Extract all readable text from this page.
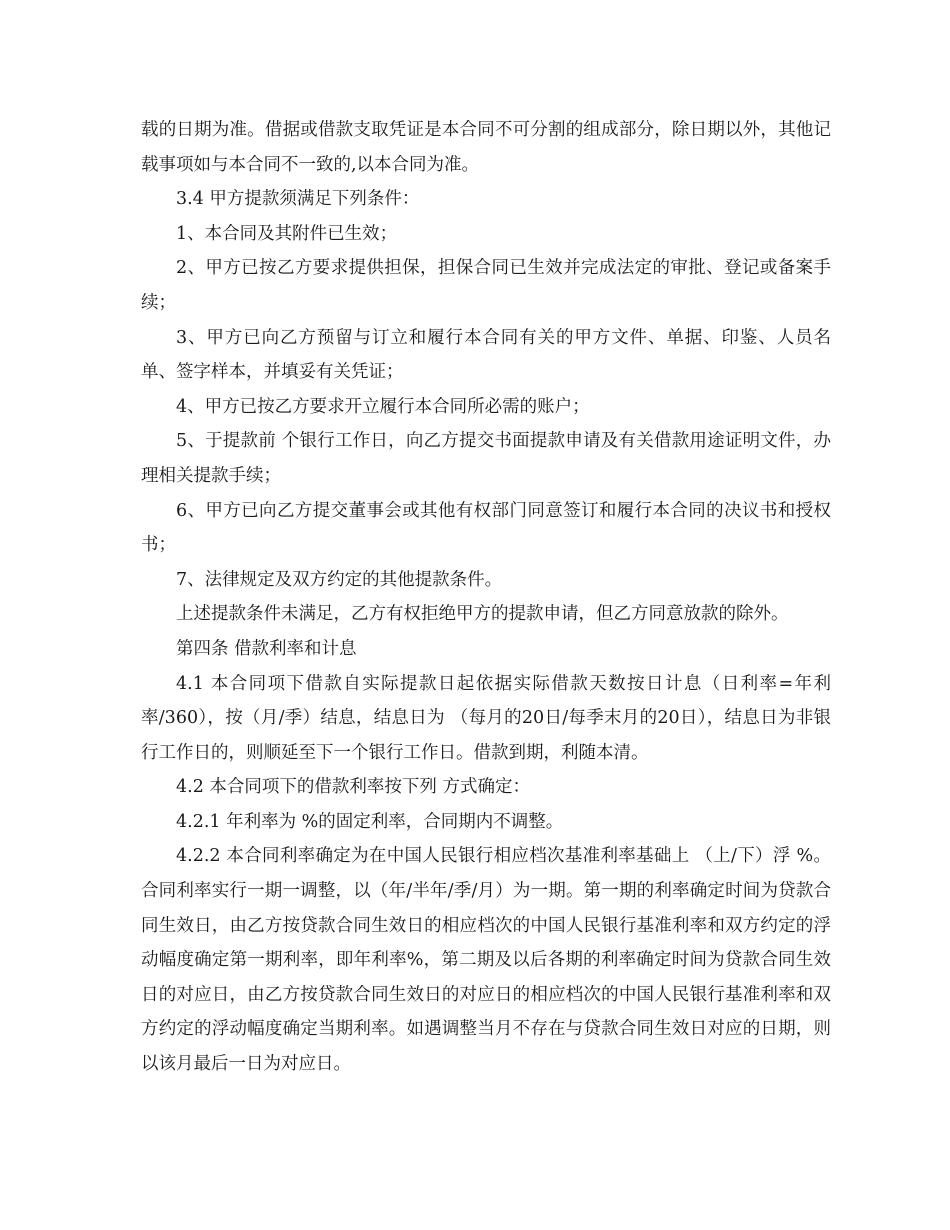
载的日期为准。借据或借款支取凭证是本合同不可分割的组成部分，除日期以外，其他记载事项如与本合同不一致的,以本合同为准。

3.4 甲方提款须满足下列条件：

1、本合同及其附件已生效；

2、甲方已按乙方要求提供担保，担保合同已生效并完成法定的审批、登记或备案手续；

3、甲方已向乙方预留与订立和履行本合同有关的甲方文件、单据、印鉴、人员名单、签字样本，并填妥有关凭证；

4、甲方已按乙方要求开立履行本合同所必需的账户；

5、于提款前 个银行工作日，向乙方提交书面提款申请及有关借款用途证明文件，办理相关提款手续；

6、甲方已向乙方提交董事会或其他有权部门同意签订和履行本合同的决议书和授权书；

7、法律规定及双方约定的其他提款条件。

上述提款条件未满足，乙方有权拒绝甲方的提款申请，但乙方同意放款的除外。

第四条 借款利率和计息

4.1 本合同项下借款自实际提款日起依据实际借款天数按日计息（日利率=年利率/360），按（月/季）结息，结息日为 （每月的20日/每季末月的20日），结息日为非银行工作日的，则顺延至下一个银行工作日。借款到期，利随本清。

4.2 本合同项下的借款利率按下列 方式确定：

4.2.1 年利率为 %的固定利率，合同期内不调整。

4.2.2 本合同利率确定为在中国人民银行相应档次基准利率基础上 （上/下）浮 %。合同利率实行一期一调整，以（年/半年/季/月）为一期。第一期的利率确定时间为贷款合同生效日，由乙方按贷款合同生效日的相应档次的中国人民银行基准利率和双方约定的浮动幅度确定第一期利率，即年利率%，第二期及以后各期的利率确定时间为贷款合同生效日的对应日，由乙方按贷款合同生效日的对应日的相应档次的中国人民银行基准利率和双方约定的浮动幅度确定当期利率。如遇调整当月不存在与贷款合同生效日对应的日期，则以该月最后一日为对应日。
